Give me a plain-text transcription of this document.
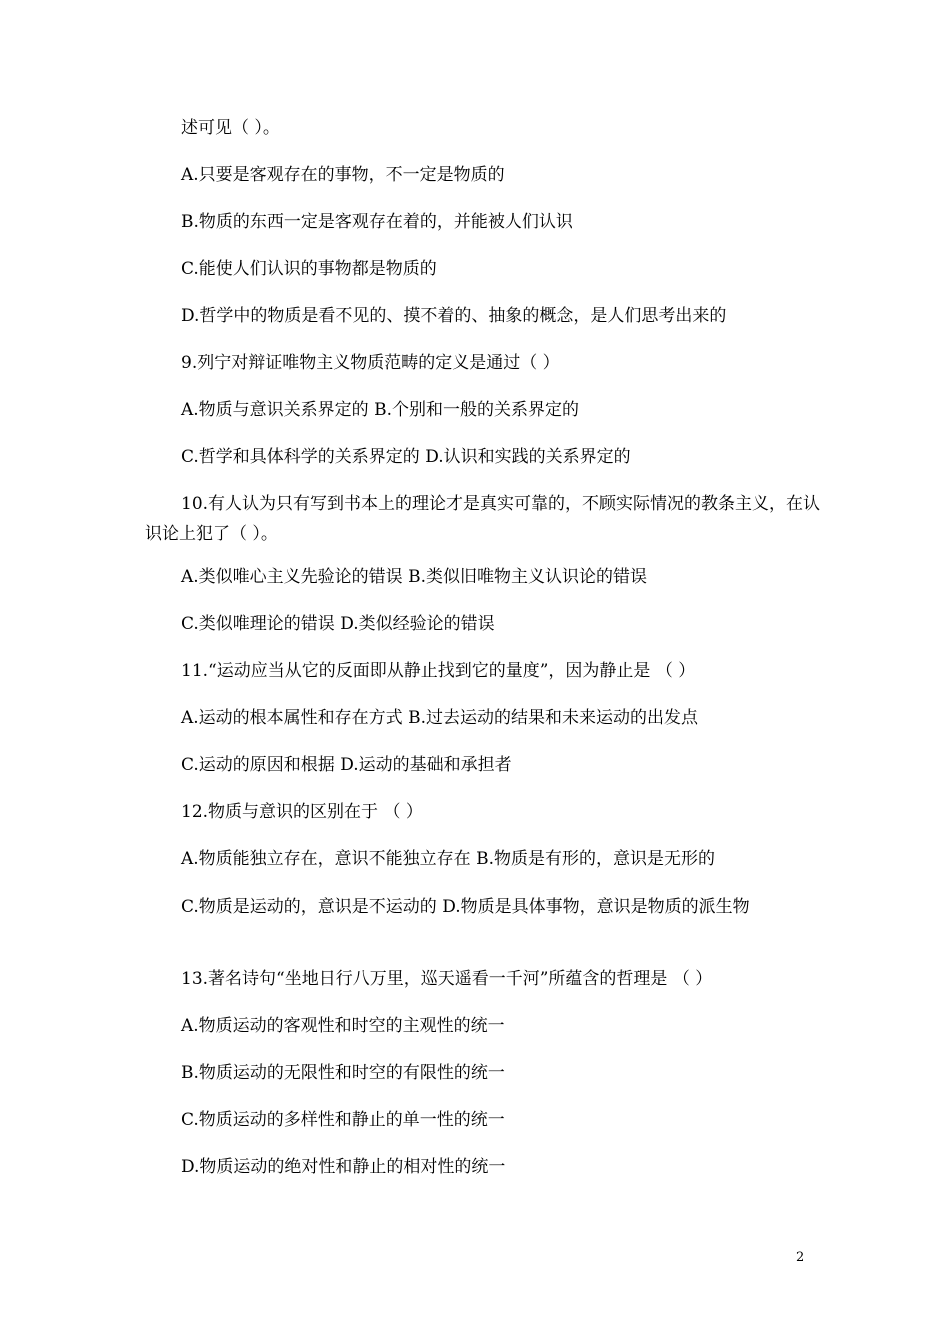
述可见（ ）。
A.只要是客观存在的事物，不一定是物质的
B.物质的东西一定是客观存在着的，并能被人们认识
C.能使人们认识的事物都是物质的
D.哲学中的物质是看不见的、摸不着的、抽象的概念，是人们思考出来的
9.列宁对辩证唯物主义物质范畴的定义是通过（ ）
A.物质与意识关系界定的 B.个别和一般的关系界定的
C.哲学和具体科学的关系界定的 D.认识和实践的关系界定的
10.有人认为只有写到书本上的理论才是真实可靠的，不顾实际情况的教条主义，在认识论上犯了（ ）。
A.类似唯心主义先验论的错误 B.类似旧唯物主义认识论的错误
C.类似唯理论的错误 D.类似经验论的错误
11.“运动应当从它的反面即从静止找到它的量度”，因为静止是 （ ）
A.运动的根本属性和存在方式 B.过去运动的结果和未来运动的出发点
C.运动的原因和根据 D.运动的基础和承担者
12.物质与意识的区别在于 （ ）
A.物质能独立存在，意识不能独立存在 B.物质是有形的，意识是无形的
C.物质是运动的，意识是不运动的 D.物质是具体事物，意识是物质的派生物
13.著名诗句“坐地日行八万里，巡天遥看一千河”所蕴含的哲理是 （ ）
A.物质运动的客观性和时空的主观性的统一
B.物质运动的无限性和时空的有限性的统一
C.物质运动的多样性和静止的单一性的统一
D.物质运动的绝对性和静止的相对性的统一
2
